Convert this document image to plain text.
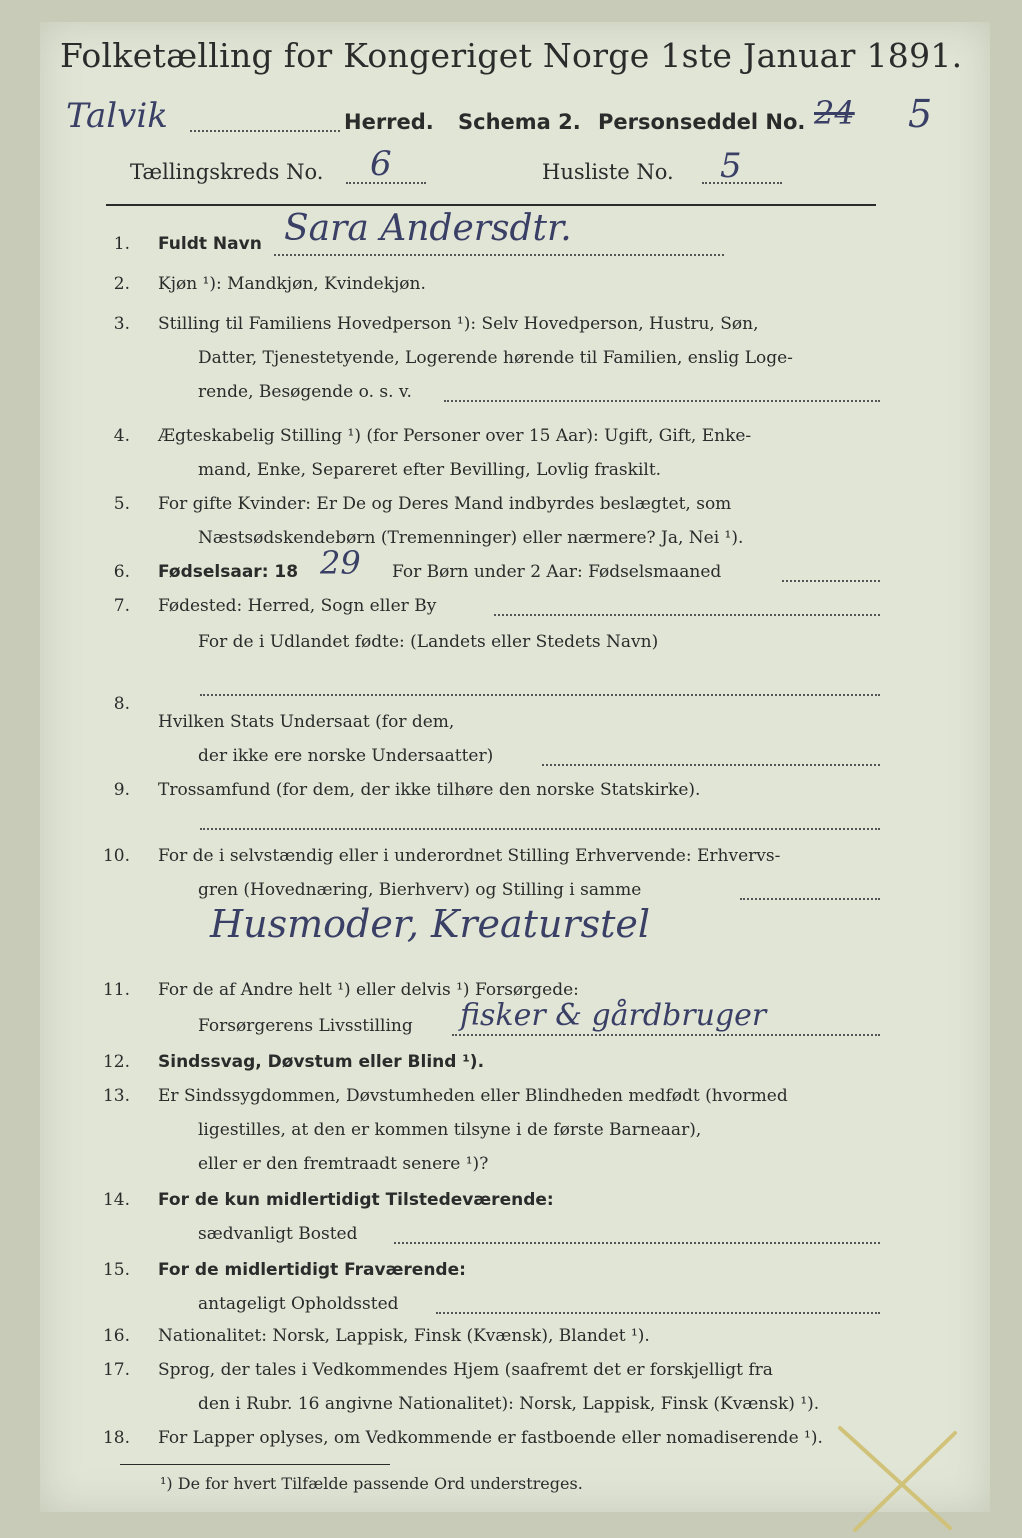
Folketælling for Kongeriget Norge 1ste Januar 1891.
Talvik	Herred. Schema 2. Personseddel No. 24 5
Tællingskreds No. 6	Husliste No. 5
1. Fuldt Navn Sara Andersdtr.
2. Kjøn ¹): Mandkjøn, Kvindekjøn.
3. Stilling til Familiens Hovedperson ¹): Selv Hovedperson, Hustru, Søn,
Datter, Tjenestetyende, Logerende hørende til Familien, enslig Loge-
rende, Besøgende o. s. v.
4. Ægteskabelig Stilling ¹) (for Personer over 15 Aar): Ugift, Gift, Enke-
mand, Enke, Separeret efter Bevilling, Lovlig fraskilt.
5. For gifte Kvinder: Er De og Deres Mand indbyrdes beslægtet, som
Næstsødskendebørn (Tremenninger) eller nærmere? Ja, Nei ¹).
6. Fødselsaar: 18 29 For Børn under 2 Aar: Fødselsmaaned
7. Fødested: Herred, Sogn eller By
For de i Udlandet fødte: (Landets eller Stedets Navn)
8.
Hvilken Stats Undersaat (for dem,
der ikke ere norske Undersaatter)
9. Trossamfund (for dem, der ikke tilhøre den norske Statskirke).
10. For de i selvstændig eller i underordnet Stilling Erhvervende: Erhvervs-
gren (Hovednæring, Bierhverv) og Stilling i samme
Husmoder, Kreaturstel
11. For de af Andre helt ¹) eller delvis ¹) Forsørgede:
Forsørgerens Livsstilling fisker & gårdbruger
12. Sindssvag, Døvstum eller Blind ¹).
13. Er Sindssygdommen, Døvstumheden eller Blindheden medfødt (hvormed
ligestilles, at den er kommen tilsyne i de første Barneaar),
eller er den fremtraadt senere ¹)?
14. For de kun midlertidigt Tilstedeværende:
sædvanligt Bosted
15. For de midlertidigt Fraværende:
antageligt Opholdssted
16. Nationalitet: Norsk, Lappisk, Finsk (Kvænsk), Blandet ¹).
17. Sprog, der tales i Vedkommendes Hjem (saafremt det er forskjelligt fra
den i Rubr. 16 angivne Nationalitet): Norsk, Lappisk, Finsk (Kvænsk) ¹).
18. For Lapper oplyses, om Vedkommende er fastboende eller nomadiserende ¹).
¹) De for hvert Tilfælde passende Ord understreges.
